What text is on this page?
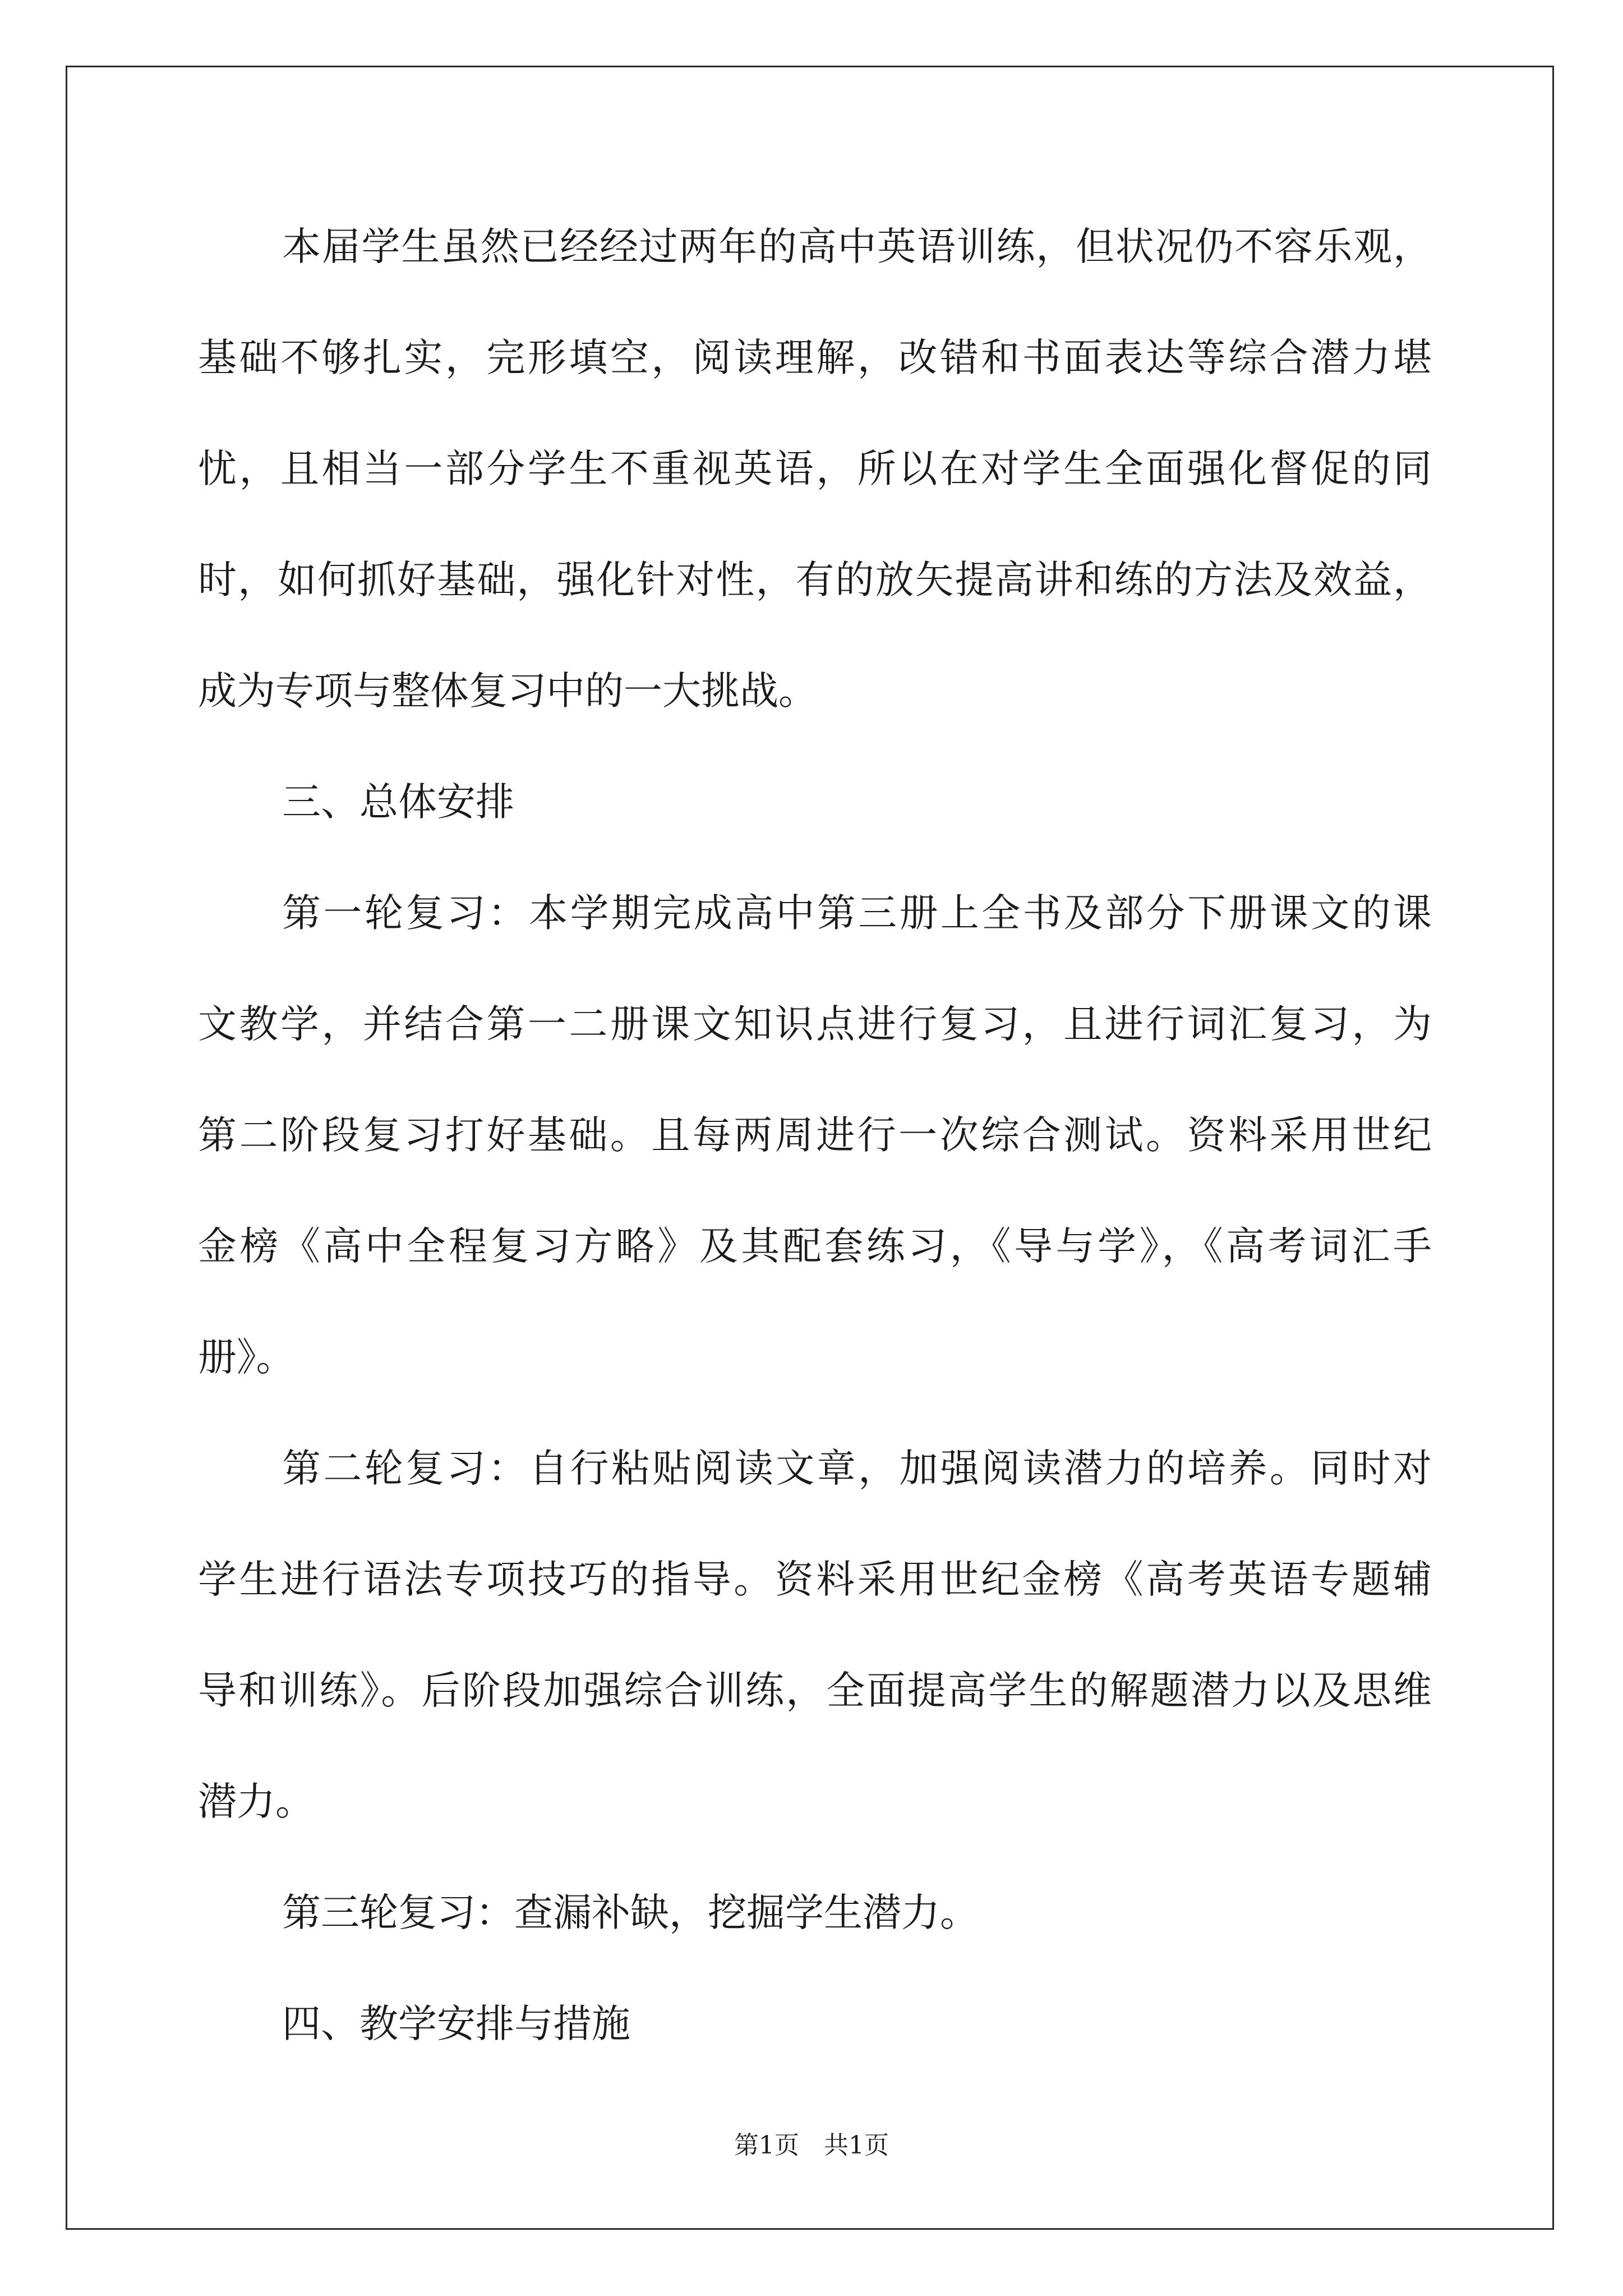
本届学生虽然已经经过两年的高中英语训练，但状况仍不容乐观，
基础不够扎实，完形填空，阅读理解，改错和书面表达等综合潜力堪
忧，且相当一部分学生不重视英语，所以在对学生全面强化督促的同
时，如何抓好基础，强化针对性，有的放矢提高讲和练的方法及效益，
成为专项与整体复习中的一大挑战。
三、总体安排
第一轮复习：本学期完成高中第三册上全书及部分下册课文的课
文教学，并结合第一二册课文知识点进行复习，且进行词汇复习，为
第二阶段复习打好基础。且每两周进行一次综合测试。资料采用世纪
金榜《高中全程复习方略》及其配套练习，《导与学》，《高考词汇手
册》。
第二轮复习：自行粘贴阅读文章，加强阅读潜力的培养。同时对
学生进行语法专项技巧的指导。资料采用世纪金榜《高考英语专题辅
导和训练》。后阶段加强综合训练，全面提高学生的解题潜力以及思维
潜力。
第三轮复习：查漏补缺，挖掘学生潜力。
四、教学安排与措施
第1页　共1页
